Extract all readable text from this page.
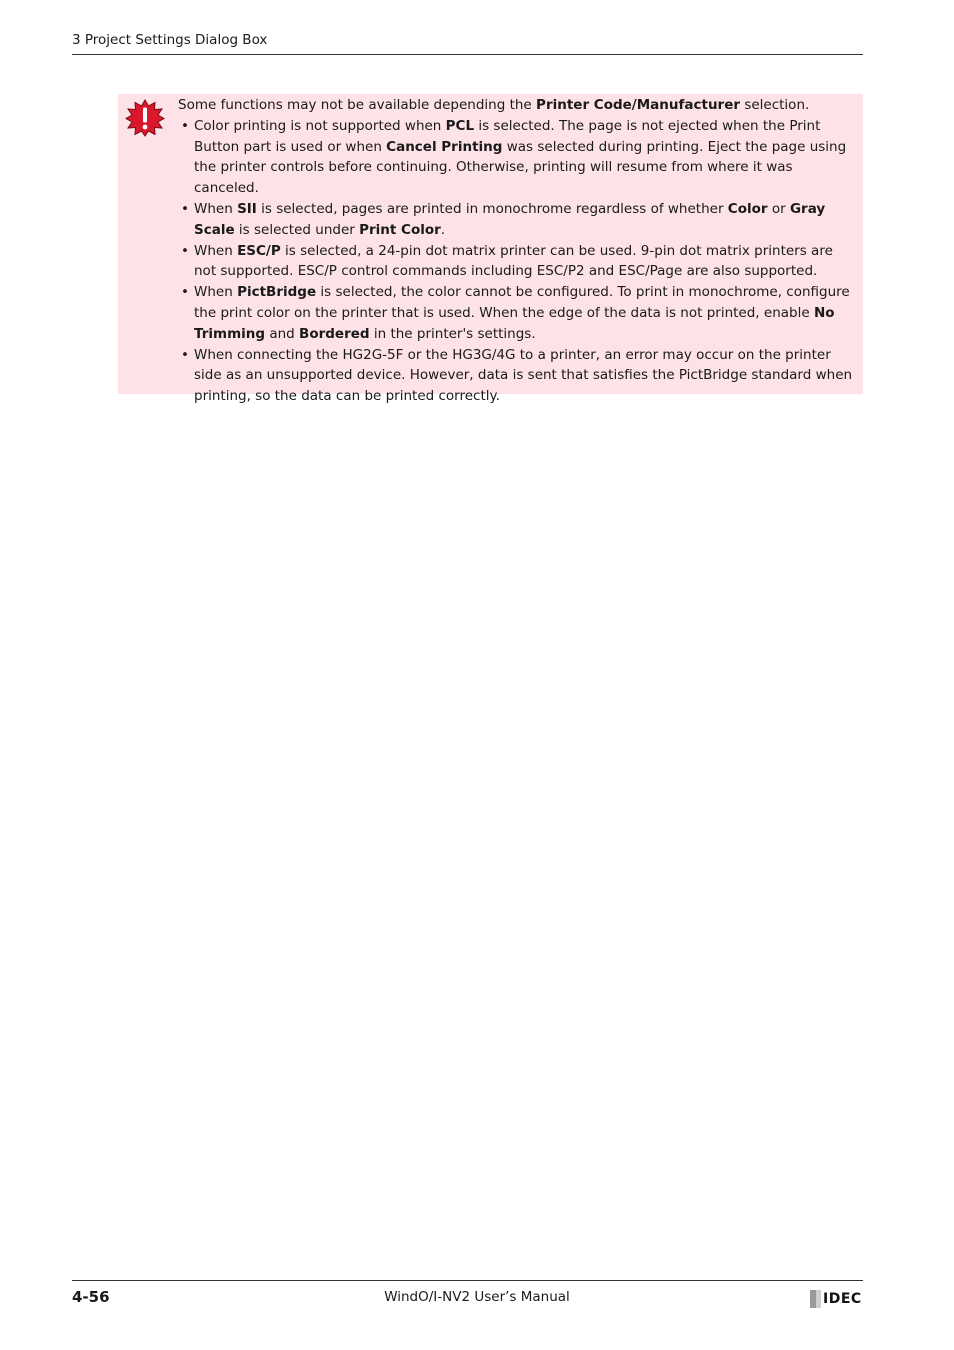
3 Project Settings Dialog Box

Some functions may not be available depending the Printer Code/Manufacturer selection.

• Color printing is not supported when PCL is selected. The page is not ejected when the Print Button part is used or when Cancel Printing was selected during printing. Eject the page using the printer controls before continuing. Otherwise, printing will resume from where it was canceled.
• When SII is selected, pages are printed in monochrome regardless of whether Color or Gray Scale is selected under Print Color.
• When ESC/P is selected, a 24-pin dot matrix printer can be used. 9-pin dot matrix printers are not supported. ESC/P control commands including ESC/P2 and ESC/Page are also supported.
• When PictBridge is selected, the color cannot be configured. To print in monochrome, configure the print color on the printer that is used. When the edge of the data is not printed, enable No Trimming and Bordered in the printer's settings.
• When connecting the HG2G-5F or the HG3G/4G to a printer, an error may occur on the printer side as an unsupported device. However, data is sent that satisfies the PictBridge standard when printing, so the data can be printed correctly.
4-56	WindO/I-NV2 User’s Manual	IDEC
